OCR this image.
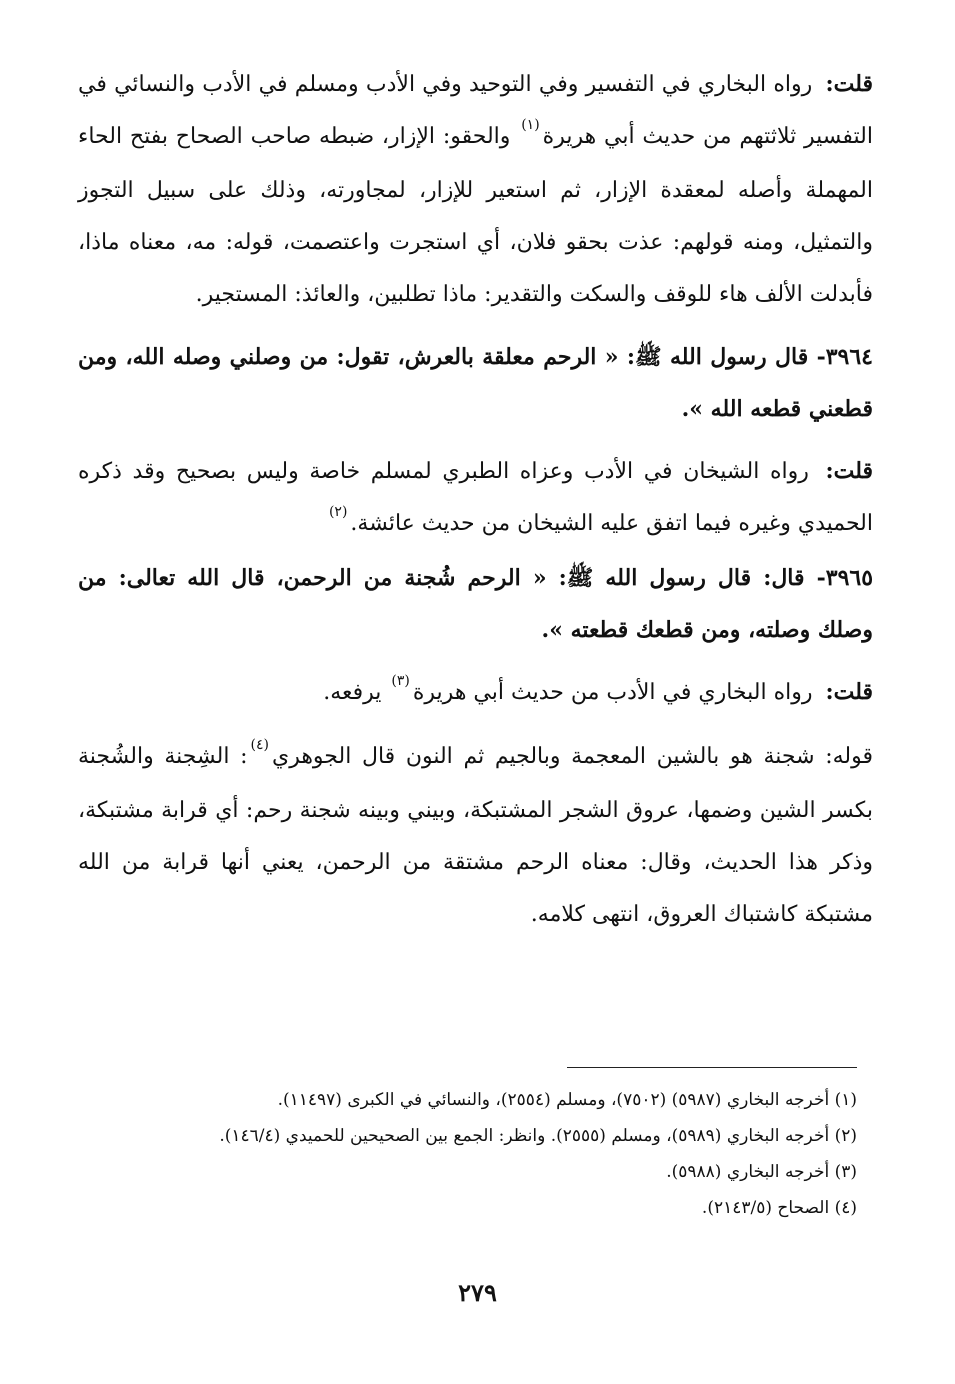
قلت: رواه البخاري في التفسير وفي التوحيد وفي الأدب ومسلم في الأدب والنسائي في التفسير ثلاثتهم من حديث أبي هريرة$^{(١)}$ والحقو: الإزار، ضبطه صاحب الصحاح بفتح الحاء المهملة وأصله لمعقدة الإزار، ثم استعير للإزار، لمجاورته، وذلك على سبيل التجوز والتمثيل، ومنه قولهم: عذت بحقو فلان، أي استجرت واعتصمت، قوله: مه، معناه ماذا، فأبدلت الألف هاء للوقف والسكت والتقدير: ماذا تطلبين، والعائذ: المستجير.

٣٩٦٤- قال رسول الله ﷺ: « الرحم معلقة بالعرش، تقول: من وصلني وصله الله، ومن قطعني قطعه الله ».

قلت: رواه الشيخان في الأدب وعزاه الطبري لمسلم خاصة وليس بصحيح وقد ذكره الحميدي وغيره فيما اتفق عليه الشيخان من حديث عائشة.$^{(٢)}$

٣٩٦٥- قال: قال رسول الله ﷺ: « الرحم شُجنة من الرحمن، قال الله تعالى: من وصلك وصلته، ومن قطعك قطعته ».

قلت: رواه البخاري في الأدب من حديث أبي هريرة$^{(٣)}$ يرفعه.

قوله: شجنة هو بالشين المعجمة وبالجيم ثم النون قال الجوهري$^{(٤)}$: الشِجنة والشُجنة بكسر الشين وضمها، عروق الشجر المشتبكة، وبيني وبينه شجنة رحم: أي قرابة مشتبكة، وذكر هذا الحديث، وقال: معناه الرحم مشتقة من الرحمن، يعني أنها قرابة من الله مشتبكة كاشتباك العروق، انتهى كلامه.

(١) أخرجه البخاري (٥٩٨٧) (٧٥٠٢)، ومسلم (٢٥٥٤)، والنسائي في الكبرى (١١٤٩٧).

(٢) أخرجه البخاري (٥٩٨٩)، ومسلم (٢٥٥٥). وانظر: الجمع بين الصحيحين للحميدي (١٤٦/٤).

(٣) أخرجه البخاري (٥٩٨٨).

(٤) الصحاح (٢١٤٣/٥).

٢٧٩
